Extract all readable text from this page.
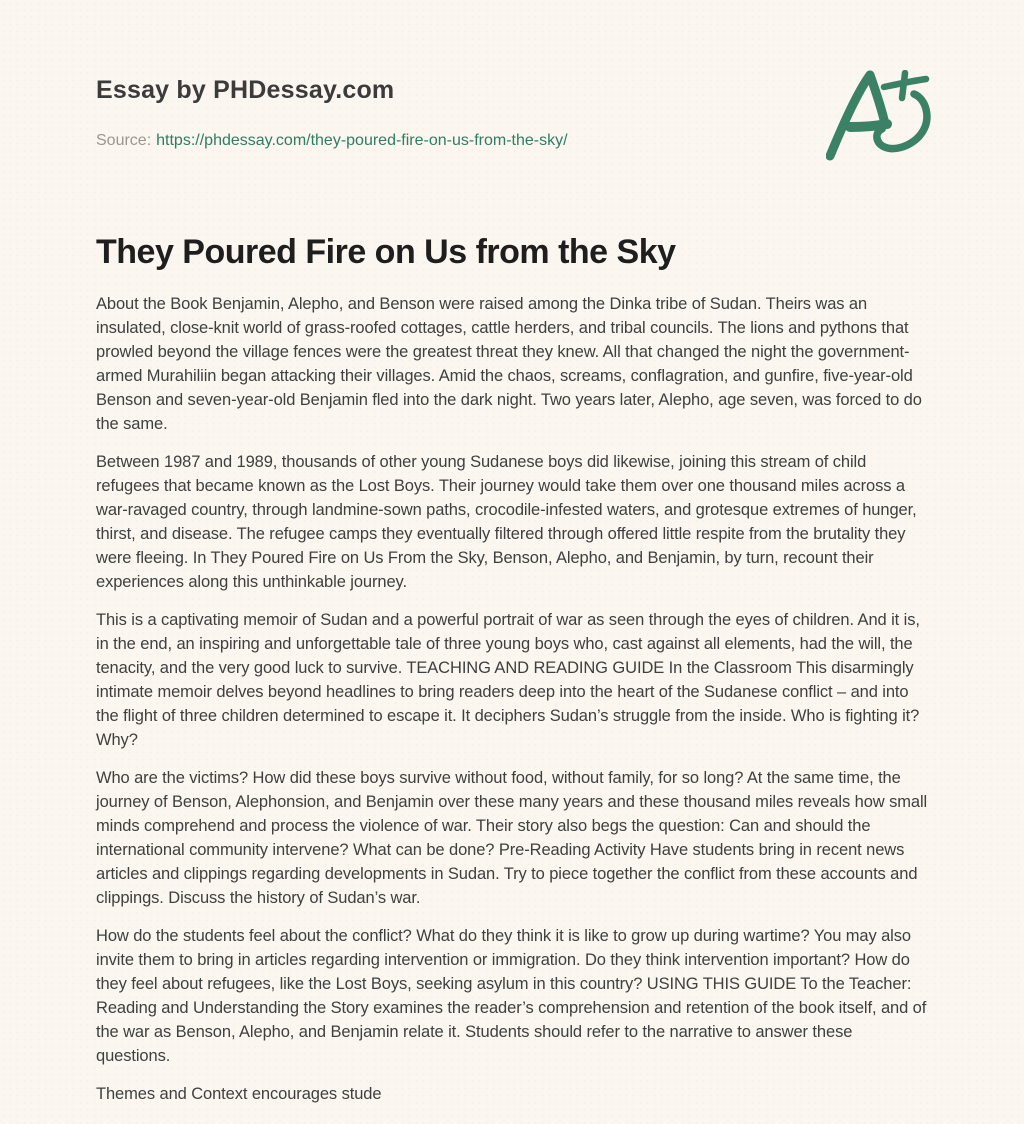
Essay by PHDessay.com
Source: https://phdessay.com/they-poured-fire-on-us-from-the-sky/
They Poured Fire on Us from the Sky

About the Book Benjamin, Alepho, and Benson were raised among the Dinka tribe of Sudan. Theirs was an insulated, close-knit world of grass-roofed cottages, cattle herders, and tribal councils. The lions and pythons that prowled beyond the village fences were the greatest threat they knew. All that changed the night the government-armed Murahiliin began attacking their villages. Amid the chaos, screams, conflagration, and gunfire, five-year-old Benson and seven-year-old Benjamin fled into the dark night. Two years later, Alepho, age seven, was forced to do the same.

Between 1987 and 1989, thousands of other young Sudanese boys did likewise, joining this stream of child refugees that became known as the Lost Boys. Their journey would take them over one thousand miles across a war-ravaged country, through landmine-sown paths, crocodile-infested waters, and grotesque extremes of hunger, thirst, and disease. The refugee camps they eventually filtered through offered little respite from the brutality they were fleeing. In They Poured Fire on Us From the Sky, Benson, Alepho, and Benjamin, by turn, recount their experiences along this unthinkable journey.

This is a captivating memoir of Sudan and a powerful portrait of war as seen through the eyes of children. And it is, in the end, an inspiring and unforgettable tale of three young boys who, cast against all elements, had the will, the tenacity, and the very good luck to survive. TEACHING AND READING GUIDE In the Classroom This disarmingly intimate memoir delves beyond headlines to bring readers deep into the heart of the Sudanese conflict – and into the flight of three children determined to escape it. It deciphers Sudan’s struggle from the inside. Who is fighting it? Why?

Who are the victims? How did these boys survive without food, without family, for so long? At the same time, the journey of Benson, Alephonsion, and Benjamin over these many years and these thousand miles reveals how small minds comprehend and process the violence of war. Their story also begs the question: Can and should the international community intervene? What can be done? Pre-Reading Activity Have students bring in recent news articles and clippings regarding developments in Sudan. Try to piece together the conflict from these accounts and clippings. Discuss the history of Sudan’s war.

How do the students feel about the conflict? What do they think it is like to grow up during wartime? You may also invite them to bring in articles regarding intervention or immigration. Do they think intervention important? How do they feel about refugees, like the Lost Boys, seeking asylum in this country? USING THIS GUIDE To the Teacher: Reading and Understanding the Story examines the reader’s comprehension and retention of the book itself, and of the war as Benson, Alepho, and Benjamin relate it. Students should refer to the narrative to answer these questions.

Themes and Context encourages stude
